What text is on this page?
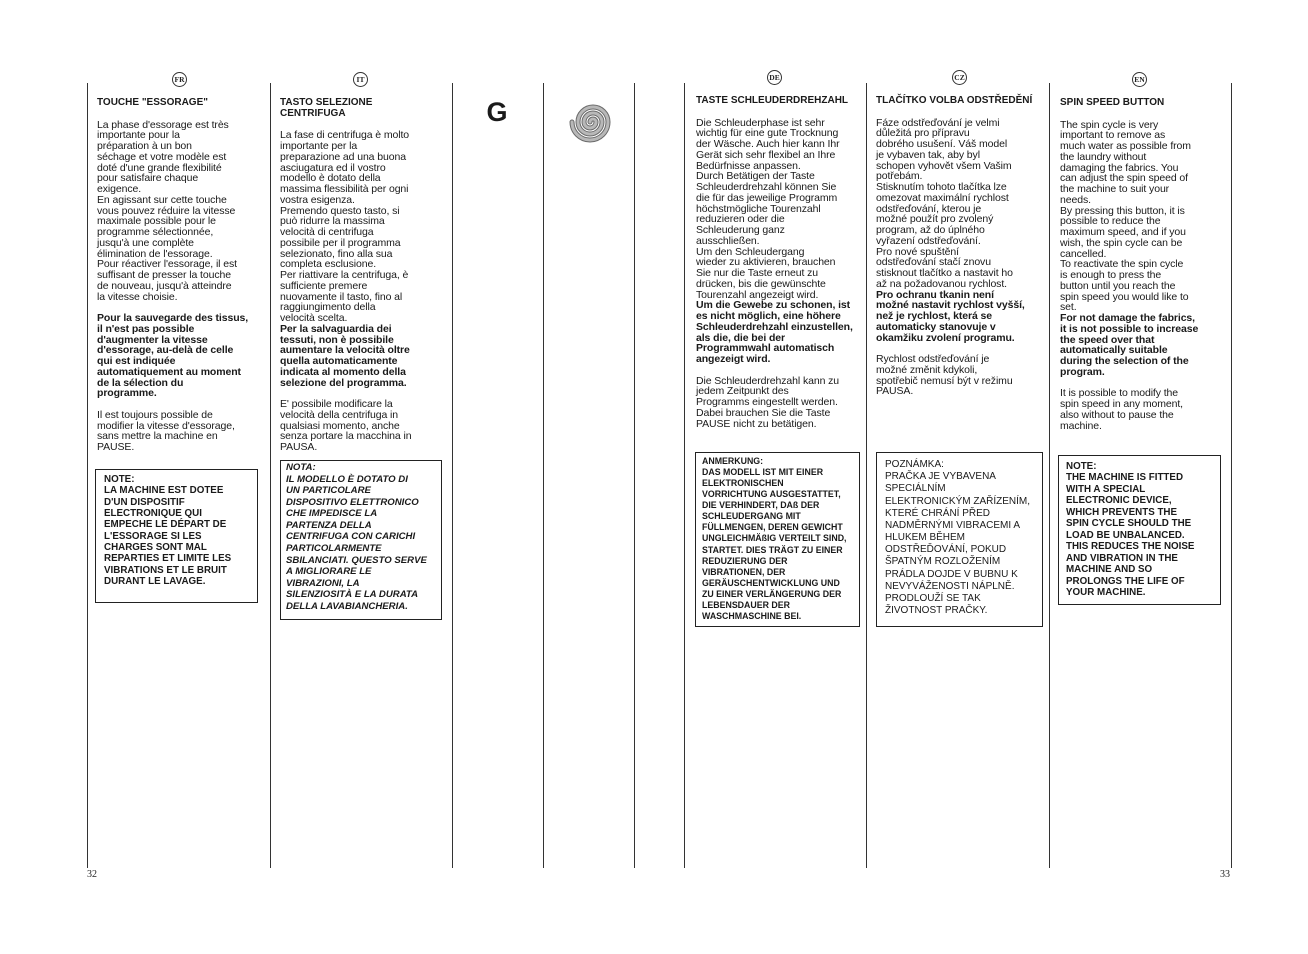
FR	IT	DE	CZ	EN
TOUCHE "ESSORAGE"

La phase d'essorage est très
importante pour la
préparation à un bon
séchage et votre modèle est
doté d'une grande flexibilité
pour satisfaire chaque
exigence.
En agissant sur cette touche
vous pouvez réduire la vitesse
maximale possible pour le
programme sélectionnée,
jusqu'à une complète
élimination de l'essorage.
Pour réactiver l'essorage, il est
suffisant de presser la touche
de nouveau, jusqu'à atteindre
la vitesse choisie.

Pour la sauvegarde des tissus,
il n'est pas possible
d'augmenter la vitesse
d'essorage, au-delà de celle
qui est indiquée
automatiquement au moment
de la sélection du
programme.

Il est toujours possible de
modifier la vitesse d'essorage,
sans mettre la machine en
PAUSE.

NOTE:
LA MACHINE EST DOTEE
D'UN DISPOSITIF
ELECTRONIQUE QUI
EMPECHE LE DÉPART DE
L'ESSORAGE SI LES
CHARGES SONT MAL
REPARTIES ET LIMITE LES
VIBRATIONS ET LE BRUIT
DURANT LE LAVAGE.
TASTO SELEZIONE
CENTRIFUGA

La fase di centrifuga è molto
importante per la
preparazione ad una buona
asciugatura ed il vostro
modello è dotato della
massima flessibilità per ogni
vostra esigenza.
Premendo questo tasto, si
può ridurre la massima
velocità di centrifuga
possibile per il programma
selezionato, fino alla sua
completa esclusione.
Per riattivare la centrifuga, è
sufficiente premere
nuovamente il tasto, fino al
raggiungimento della
velocità scelta.

Per la salvaguardia dei
tessuti, non è possibile
aumentare la velocità oltre
quella automaticamente
indicata al momento della
selezione del programma.

E' possibile modificare la
velocità della centrifuga in
qualsiasi momento, anche
senza portare la macchina in
PAUSA.

NOTA:
IL MODELLO È DOTATO DI
UN PARTICOLARE
DISPOSITIVO ELETTRONICO
CHE IMPEDISCE LA
PARTENZA DELLA
CENTRIFUGA CON CARICHI
PARTICOLARMENTE
SBILANCIATI. QUESTO SERVE
A MIGLIORARE LE
VIBRAZIONI, LA
SILENZIOSITÀ E LA DURATA
DELLA LAVABIANCHERIA.
G	TASTE SCHLEUDERDREHZAHL

Die Schleuderphase ist sehr
wichtig für eine gute Trocknung
der Wäsche. Auch hier kann Ihr
Gerät sich sehr flexibel an Ihre
Bedürfnisse anpassen.
Durch Betätigen der Taste
Schleuderdrehzahl können Sie
die für das jeweilige Programm
höchstmögliche Tourenzahl
reduzieren oder die
Schleuderung ganz
ausschließen.
Um den Schleudergang
wieder zu aktivieren, brauchen
Sie nur die Taste erneut zu
drücken, bis die gewünschte
Tourenzahl angezeigt wird.

Um die Gewebe zu schonen, ist
es nicht möglich, eine höhere
Schleuderdrehzahl einzustellen,
als die, die bei der
Programmwahl automatisch
angezeigt wird.

Die Schleuderdrehzahl kann zu
jedem Zeitpunkt des
Programms eingestellt werden.
Dabei brauchen Sie die Taste
PAUSE nicht zu betätigen.

ANMERKUNG:
DAS MODELL IST MIT EINER
ELEKTRONISCHEN
VORRICHTUNG AUSGESTATTET,
DIE VERHINDERT, DAß DER
SCHLEUDERGANG MIT
FÜLLMENGEN, DEREN GEWICHT
UNGLEICHMÄßIG VERTEILT SIND,
STARTET. DIES TRÄGT ZU EINER
REDUZIERUNG DER
VIBRATIONEN, DER
GERÄUSCHENTWICKLUNG UND
ZU EINER VERLÄNGERUNG DER
LEBENSDAUER DER
WASCHMASCHINE BEI.
TLAČÍTKO VOLBA ODSTŘEDĚNÍ

Fáze odstřeďování je velmi
důležitá pro přípravu
dobrého usušení. Váš model
je vybaven tak, aby byl
schopen vyhovět všem Vašim
potřebám.
Stisknutím tohoto tlačítka lze
omezovat maximální rychlost
odstřeďování, kterou je
možné použít pro zvolený
program, až do úplného
vyřazení odstřeďování.
Pro nové spuštění
odstřeďování stačí znovu
stisknout tlačítko a nastavit ho
až na požadovanou rychlost.

Pro ochranu tkanin není
možné nastavit rychlost vyšší,
než je rychlost, která se
automaticky stanovuje v
okamžiku zvolení programu.

Rychlost odstřeďování je
možné změnit kdykoli,
spotřebič nemusí být v režimu
PAUSA.

POZNÁMKA:
PRAČKA JE VYBAVENA
SPECIÁLNÍM
ELEKTRONICKÝM ZAŘÍZENÍM,
KTERÉ CHRÁNÍ PŘED
NADMĚRNÝMI VIBRACEMI A
HLUKEM BĚHEM
ODSTŘEĎOVÁNÍ, POKUD
ŠPATNÝM ROZLOŽENÍM
PRÁDLA DOJDE V BUBNU K
NEVYVÁŽENOSTI NÁPLNĚ.
PRODLOUŽÍ SE TAK
ŽIVOTNOST PRAČKY.
SPIN SPEED BUTTON

The spin cycle is very
important to remove as
much water as possible from
the laundry without
damaging the fabrics. You
can adjust the spin speed of
the machine to suit your
needs.
By pressing this button, it is
possible to reduce the
maximum speed, and if you
wish, the spin cycle can be
cancelled.
To reactivate the spin cycle
is enough to press the
button until you reach the
spin speed you would like to
set.

For not damage the fabrics,
it is not possible to increase
the speed over that
automatically suitable
during the selection of the
program.

It is possible to modify the
spin speed in any moment,
also without to pause the
machine.

NOTE:
THE MACHINE IS FITTED
WITH A SPECIAL
ELECTRONIC DEVICE,
WHICH PREVENTS THE
SPIN CYCLE SHOULD THE
LOAD BE UNBALANCED.
THIS REDUCES THE NOISE
AND VIBRATION IN THE
MACHINE AND SO
PROLONGS THE LIFE OF
YOUR MACHINE.
32	33
